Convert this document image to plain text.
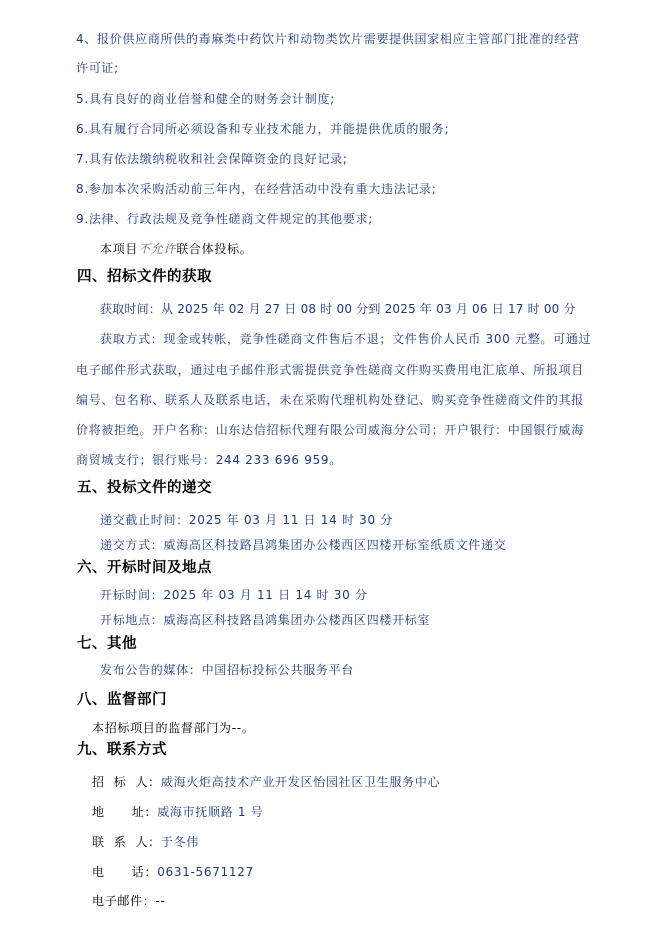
4、报价供应商所供的毒麻类中药饮片和动物类饮片需要提供国家相应主管部门批准的经营

许可证;

5.具有良好的商业信誉和健全的财务会计制度;

6.具有履行合同所必须设备和专业技术能力，并能提供优质的服务;

7.具有依法缴纳税收和社会保障资金的良好记录;

8.参加本次采购活动前三年内，在经营活动中没有重大违法记录;

9.法律、行政法规及竞争性磋商文件规定的其他要求;

本项目不允许联合体投标。

四、招标文件的获取

获取时间：从 2025 年 02 月 27 日 08 时 00 分到 2025 年 03 月 06 日 17 时 00 分

获取方式：现金或转帐，竞争性磋商文件售后不退；文件售价人民币 300 元整。可通过

电子邮件形式获取，通过电子邮件形式需提供竞争性磋商文件购买费用电汇底单、所报项目

编号、包名称、联系人及联系电话，未在采购代理机构处登记、购买竞争性磋商文件的其报

价将被拒绝。开户名称：山东达信招标代理有限公司威海分公司；开户银行：中国银行威海

商贸城支行；银行账号：244 233 696 959。

五、投标文件的递交

递交截止时间：2025 年 03 月 11 日 14 时 30 分

递交方式：威海高区科技路昌鸿集团办公楼西区四楼开标室纸质文件递交

六、开标时间及地点

开标时间：2025 年 03 月 11 日 14 时 30 分

开标地点：威海高区科技路昌鸿集团办公楼西区四楼开标室

七、其他

发布公告的媒体：中国招标投标公共服务平台

八、监督部门

本招标项目的监督部门为--。

九、联系方式

招  标  人：威海火炬高技术产业开发区怡园社区卫生服务中心

地      址：威海市抚顺路 1 号

联  系  人：于冬伟

电      话：0631-5671127

电子邮件：--
